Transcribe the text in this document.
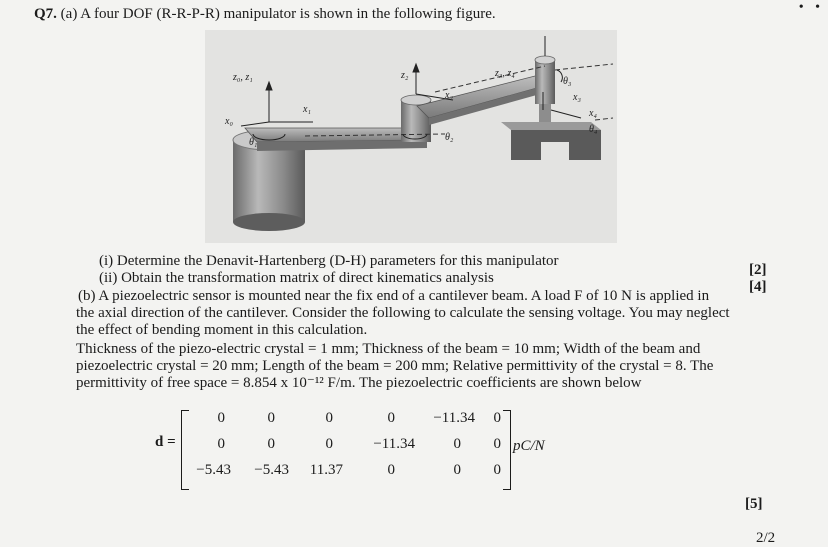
• •
Q7. (a) A four DOF (R-R-P-R) manipulator is shown in the following figure.
z₀, z₁
x₀
x₁
z₂
x₂
z₃, z₄
θ₁	θ₂
θ₃
x₃
x₄
θ₄
(i) Determine the Denavit-Hartenberg (D-H) parameters for this manipulator
(ii) Obtain the transformation matrix of direct kinematics analysis	[2]
[4]
(b) A piezoelectric sensor is mounted near the fix end of a cantilever beam. A load F of 10 N is applied in
the axial direction of the cantilever. Consider the following to calculate the sensing voltage. You may neglect
the effect of bending moment in this calculation.
Thickness of the piezo-electric crystal = 1 mm; Thickness of the beam = 10 mm; Width of the beam and
piezoelectric crystal = 20 mm; Length of the beam = 200 mm; Relative permittivity of the crystal = 8. The
permittivity of free space = 8.854 x 10⁻¹² F/m. The piezoelectric coefficients are shown below
d =
0	0	0	0	−11.34	0
0	0	0	−11.34	0	0
−5.43	−5.43	11.37	0	0	0
pC/N
[5]
2/2
